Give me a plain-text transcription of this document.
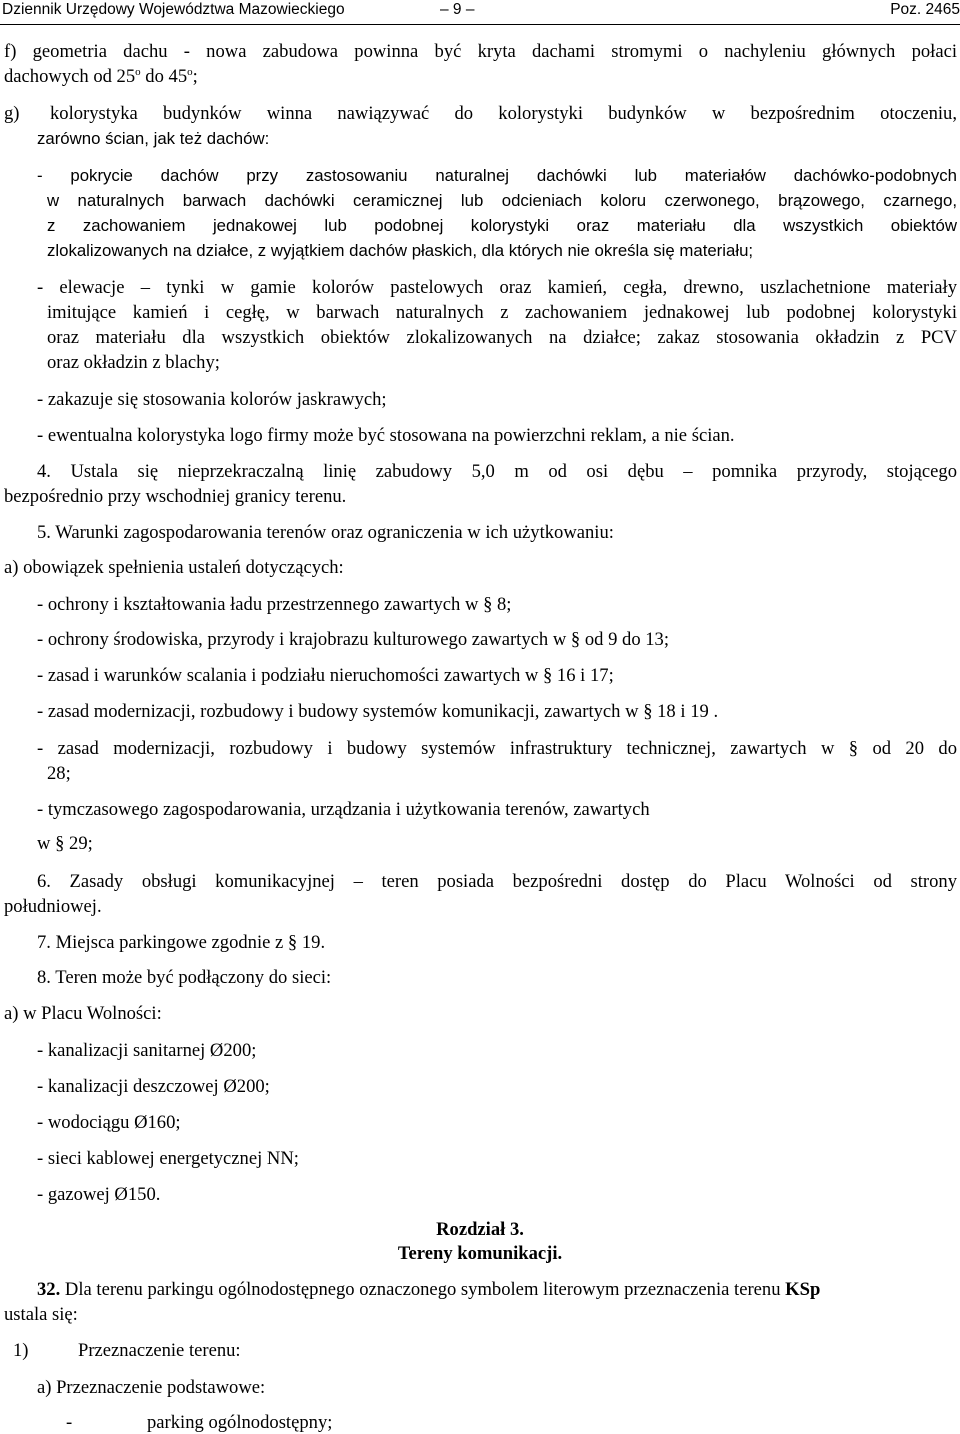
Dziennik Urzędowy Województwa Mazowieckiego	– 9 –	Poz. 2465
f) geometria dachu - nowa zabudowa powinna być kryta dachami stromymi o nachyleniu głównych połaci
dachowych od 25$^o$ do 45$^o$;
g) kolorystyka budynków winna nawiązywać do kolorystyki budynków w bezpośrednim otoczeniu,
zarówno ścian, jak też dachów:
- pokrycie dachów przy zastosowaniu naturalnej dachówki lub materiałów dachówko-podobnych
w naturalnych barwach dachówki ceramicznej lub odcieniach koloru czerwonego, brązowego, czarnego,
z zachowaniem jednakowej lub podobnej kolorystyki oraz materiału dla wszystkich obiektów
zlokalizowanych na działce, z wyjątkiem dachów płaskich, dla których nie określa się materiału;
- elewacje – tynki w gamie kolorów pastelowych oraz kamień, cegła, drewno, uszlachetnione materiały
imitujące kamień i cegłę, w barwach naturalnych z zachowaniem jednakowej lub podobnej kolorystyki
oraz materiału dla wszystkich obiektów zlokalizowanych na działce; zakaz stosowania okładzin z PCV
oraz okładzin z blachy;
- zakazuje się stosowania kolorów jaskrawych;
- ewentualna kolorystyka logo firmy może być stosowana na powierzchni reklam, a nie ścian.
4. Ustala się nieprzekraczalną linię zabudowy 5,0 m od osi dębu – pomnika przyrody, stojącego
bezpośrednio przy wschodniej granicy terenu.
5. Warunki zagospodarowania terenów oraz ograniczenia w ich użytkowaniu:
a) obowiązek spełnienia ustaleń dotyczących:
- ochrony i kształtowania ładu przestrzennego zawartych w § 8;
- ochrony środowiska, przyrody i krajobrazu kulturowego zawartych w § od 9 do 13;
- zasad i warunków scalania i podziału nieruchomości zawartych w § 16 i 17;
- zasad modernizacji, rozbudowy i budowy systemów komunikacji, zawartych w § 18 i 19 .
- zasad modernizacji, rozbudowy i budowy systemów infrastruktury technicznej, zawartych w § od 20 do
28;
- tymczasowego zagospodarowania, urządzania i użytkowania terenów, zawartych
w § 29;
6. Zasady obsługi komunikacyjnej – teren posiada bezpośredni dostęp do Placu Wolności od strony
południowej.
7. Miejsca parkingowe zgodnie z § 19.
8. Teren może być podłączony do sieci:
a) w Placu Wolności:
- kanalizacji sanitarnej Ø200;
- kanalizacji deszczowej Ø200;
- wodociągu Ø160;
- sieci kablowej energetycznej NN;
- gazowej Ø150.
Rozdział 3.
Tereny komunikacji.
32. Dla terenu parkingu ogólnodostępnego oznaczonego symbolem literowym przeznaczenia terenu KSp
ustala się:
1)	Przeznaczenie terenu:
a) Przeznaczenie podstawowe:
-	parking ogólnodostępny;
